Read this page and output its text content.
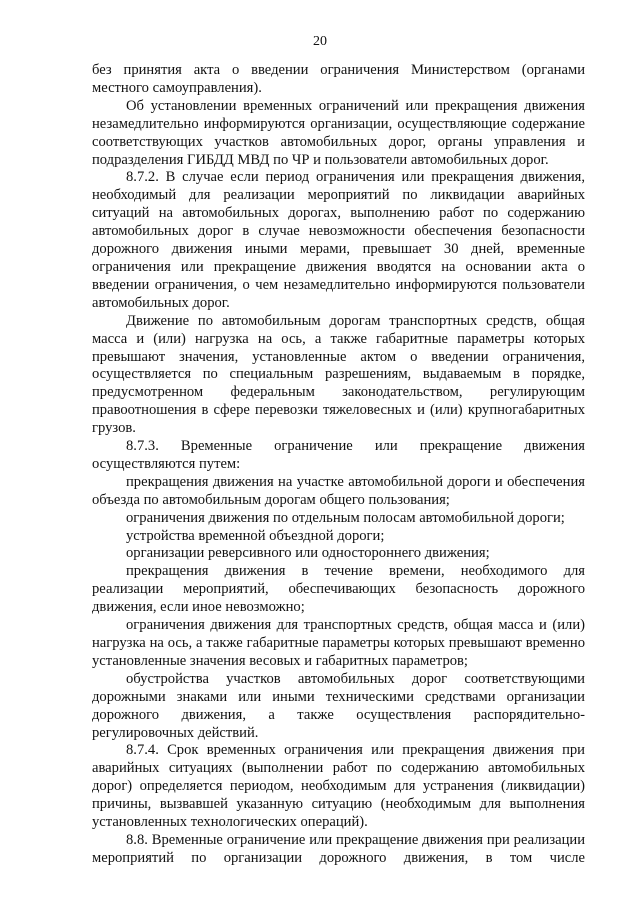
20

без принятия акта о введении ограничения Министерством (органами местного самоуправления).

Об установлении временных ограничений или прекращения движения незамедлительно информируются организации, осуществляющие содержание соответствующих участков автомобильных дорог, органы управления и подразделения ГИБДД МВД по ЧР и пользователи автомобильных дорог.

8.7.2. В случае если период ограничения или прекращения движения, необходимый для реализации мероприятий по ликвидации аварийных ситуаций на автомобильных дорогах, выполнению работ по содержанию автомобильных дорог в случае невозможности обеспечения безопасности дорожного движения иными мерами, превышает 30 дней, временные ограничения или прекращение движения вводятся на основании акта о введении ограничения, о чем незамедлительно информируются пользователи автомобильных дорог.

Движение по автомобильным дорогам транспортных средств, общая масса и (или) нагрузка на ось, а также габаритные параметры которых превышают значения, установленные актом о введении ограничения, осуществляется по специальным разрешениям, выдаваемым в порядке, предусмотренном федеральным законодательством, регулирующим правоотношения в сфере перевозки тяжеловесных и (или) крупногабаритных грузов.

8.7.3. Временные ограничение или прекращение движения осуществляются путем:

прекращения движения на участке автомобильной дороги и обеспечения объезда по автомобильным дорогам общего пользования;

ограничения движения по отдельным полосам автомобильной дороги;

устройства временной объездной дороги;

организации реверсивного или одностороннего движения;

прекращения движения в течение времени, необходимого для реализации мероприятий, обеспечивающих безопасность дорожного движения, если иное невозможно;

ограничения движения для транспортных средств, общая масса и (или) нагрузка на ось, а также габаритные параметры которых превышают временно установленные значения весовых и габаритных параметров;

обустройства участков автомобильных дорог соответствующими дорожными знаками или иными техническими средствами организации дорожного движения, а также осуществления распорядительно-регулировочных действий.

8.7.4. Срок временных ограничения или прекращения движения при аварийных ситуациях (выполнении работ по содержанию автомобильных дорог) определяется периодом, необходимым для устранения (ликвидации) причины, вызвавшей указанную ситуацию (необходимым для выполнения установленных технологических операций).

8.8. Временные ограничение или прекращение движения при реализации мероприятий по организации дорожного движения, в том числе
